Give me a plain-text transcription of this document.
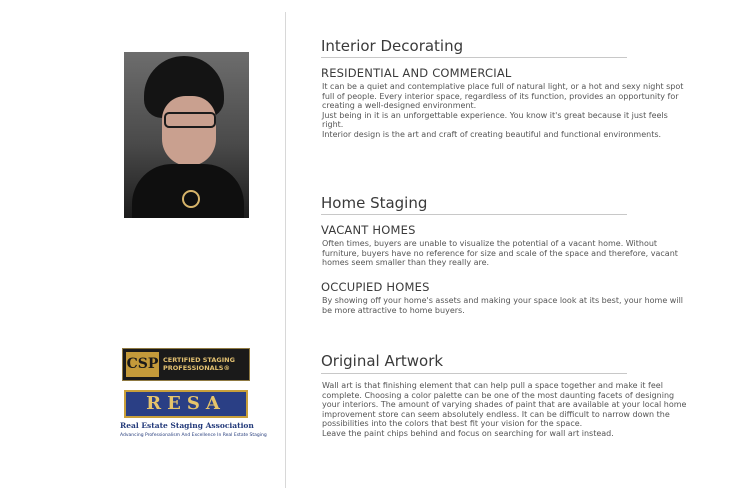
CSP CERTIFIED STAGING PROFESSIONALS®
RESA
Real Estate Staging Association
Advancing Professionalism And Excellence In Real Estate Staging
Interior Decorating
RESIDENTIAL AND COMMERCIAL

It can be a quiet and contemplative place full of natural light, or a hot and sexy night spot full of people. Every interior space, regardless of its function, provides an opportunity for creating a well-designed environment.
Just being in it is an unforgettable experience. You know it's great because it just feels right.
Interior design is the art and craft of creating beautiful and functional environments.

Home Staging
VACANT HOMES

Often times, buyers are unable to visualize the potential of a vacant home. Without furniture, buyers have no reference for size and scale of the space and therefore, vacant homes seem smaller than they really are.

OCCUPIED HOMES

By showing off your home's assets and making your space look at its best, your home will be more attractive to home buyers.

Original Artwork

Wall art is that finishing element that can help pull a space together and make it feel complete. Choosing a color palette can be one of the most daunting facets of designing your interiors. The amount of varying shades of paint that are available at your local home improvement store can seem absolutely endless. It can be difficult to narrow down the possibilities into the colors that best fit your vision for the space.
Leave the paint chips behind and focus on searching for wall art instead.
